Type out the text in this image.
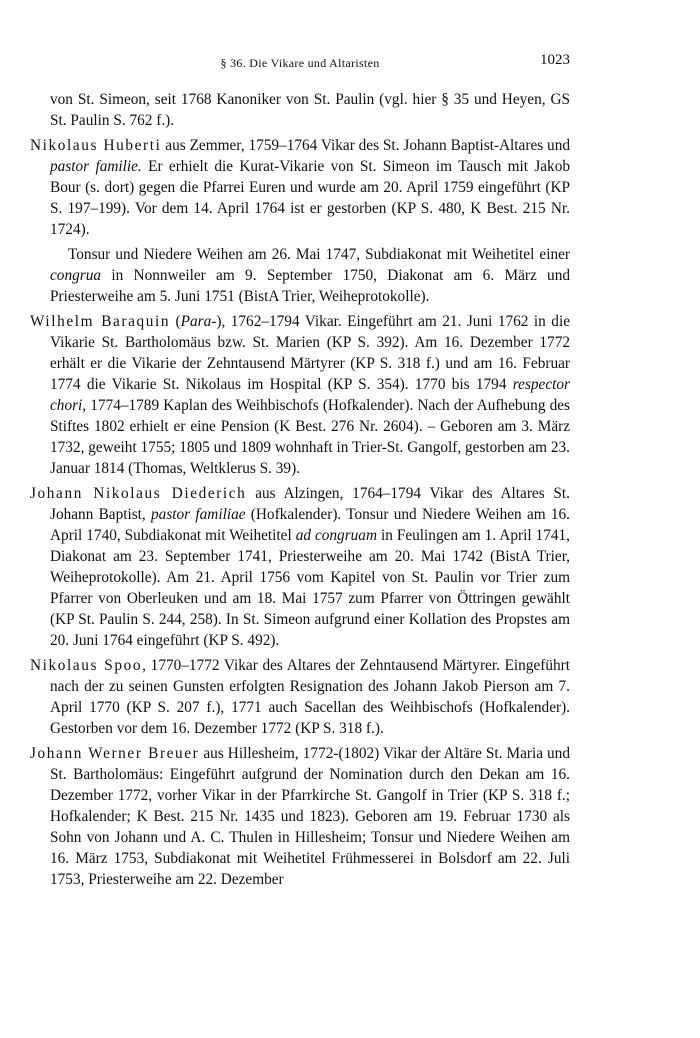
§ 36. Die Vikare und Altaristen	1023

von St. Simeon, seit 1768 Kanoniker von St. Paulin (vgl. hier § 35 und Heyen, GS St. Paulin S. 762 f.).

Nikolaus Huberti aus Zemmer, 1759–1764 Vikar des St. Johann Baptist-Altares und pastor familie. Er erhielt die Kurat-Vikarie von St. Simeon im Tausch mit Jakob Bour (s. dort) gegen die Pfarrei Euren und wurde am 20. April 1759 eingeführt (KP S. 197–199). Vor dem 14. April 1764 ist er gestorben (KP S. 480, K Best. 215 Nr. 1724).

Tonsur und Niedere Weihen am 26. Mai 1747, Subdiakonat mit Weihetitel einer congrua in Nonnweiler am 9. September 1750, Diakonat am 6. März und Priesterweihe am 5. Juni 1751 (BistA Trier, Weiheprotokolle).

Wilhelm Baraquin (Para-), 1762–1794 Vikar. Eingeführt am 21. Juni 1762 in die Vikarie St. Bartholomäus bzw. St. Marien (KP S. 392). Am 16. Dezember 1772 erhält er die Vikarie der Zehntausend Märtyrer (KP S. 318 f.) und am 16. Februar 1774 die Vikarie St. Nikolaus im Hospital (KP S. 354). 1770 bis 1794 respector chori, 1774–1789 Kaplan des Weihbischofs (Hofkalender). Nach der Aufhebung des Stiftes 1802 erhielt er eine Pension (K Best. 276 Nr. 2604). – Geboren am 3. März 1732, geweiht 1755; 1805 und 1809 wohnhaft in Trier-St. Gangolf, gestorben am 23. Januar 1814 (Thomas, Weltklerus S. 39).

Johann Nikolaus Diederich aus Alzingen, 1764–1794 Vikar des Altares St. Johann Baptist, pastor familiae (Hofkalender). Tonsur und Niedere Weihen am 16. April 1740, Subdiakonat mit Weihetitel ad congruam in Feulingen am 1. April 1741, Diakonat am 23. September 1741, Priesterweihe am 20. Mai 1742 (BistA Trier, Weiheprotokolle). Am 21. April 1756 vom Kapitel von St. Paulin vor Trier zum Pfarrer von Oberleuken und am 18. Mai 1757 zum Pfarrer von Öttringen gewählt (KP St. Paulin S. 244, 258). In St. Simeon aufgrund einer Kollation des Propstes am 20. Juni 1764 eingeführt (KP S. 492).

Nikolaus Spoo, 1770–1772 Vikar des Altares der Zehntausend Märtyrer. Eingeführt nach der zu seinen Gunsten erfolgten Resignation des Johann Jakob Pierson am 7. April 1770 (KP S. 207 f.), 1771 auch Sacellan des Weihbischofs (Hofkalender). Gestorben vor dem 16. Dezember 1772 (KP S. 318 f.).

Johann Werner Breuer aus Hillesheim, 1772-(1802) Vikar der Altäre St. Maria und St. Bartholomäus: Eingeführt aufgrund der Nomination durch den Dekan am 16. Dezember 1772, vorher Vikar in der Pfarrkirche St. Gangolf in Trier (KP S. 318 f.; Hofkalender; K Best. 215 Nr. 1435 und 1823). Geboren am 19. Februar 1730 als Sohn von Johann und A. C. Thulen in Hillesheim; Tonsur und Niedere Weihen am 16. März 1753, Subdiakonat mit Weihetitel Frühmesserei in Bolsdorf am 22. Juli 1753, Priesterweihe am 22. Dezember
